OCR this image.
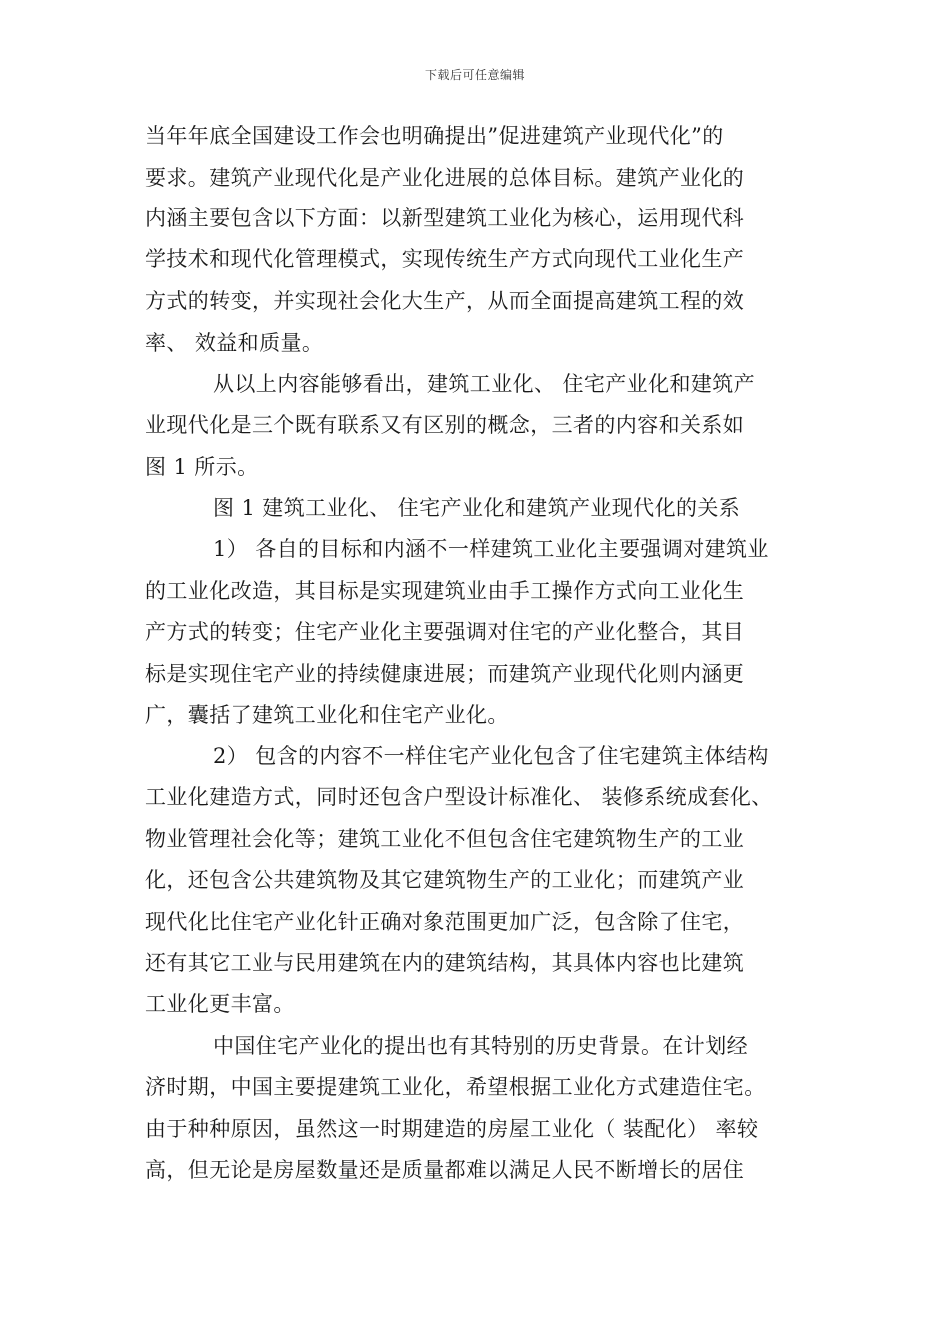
下载后可任意编辑
当年年底全国建设工作会也明确提出”促进建筑产业现代化”的
要求。建筑产业现代化是产业化进展的总体目标。建筑产业化的
内涵主要包含以下方面：以新型建筑工业化为核心，运用现代科
学技术和现代化管理模式，实现传统生产方式向现代工业化生产
方式的转变，并实现社会化大生产，从而全面提高建筑工程的效
率、 效益和质量。
从以上内容能够看出，建筑工业化、 住宅产业化和建筑产
业现代化是三个既有联系又有区别的概念，三者的内容和关系如
图 1 所示。
图 1 建筑工业化、 住宅产业化和建筑产业现代化的关系
1） 各自的目标和内涵不一样建筑工业化主要强调对建筑业
的工业化改造，其目标是实现建筑业由手工操作方式向工业化生
产方式的转变；住宅产业化主要强调对住宅的产业化整合，其目
标是实现住宅产业的持续健康进展；而建筑产业现代化则内涵更
广，囊括了建筑工业化和住宅产业化。
2） 包含的内容不一样住宅产业化包含了住宅建筑主体结构
工业化建造方式，同时还包含户型设计标准化、 装修系统成套化、
物业管理社会化等；建筑工业化不但包含住宅建筑物生产的工业
化，还包含公共建筑物及其它建筑物生产的工业化；而建筑产业
现代化比住宅产业化针正确对象范围更加广泛，包含除了住宅，
还有其它工业与民用建筑在内的建筑结构，其具体内容也比建筑
工业化更丰富。
中国住宅产业化的提出也有其特别的历史背景。在计划经
济时期，中国主要提建筑工业化，希望根据工业化方式建造住宅。
由于种种原因，虽然这一时期建造的房屋工业化（ 装配化） 率较
高，但无论是房屋数量还是质量都难以满足人民不断增长的居住
